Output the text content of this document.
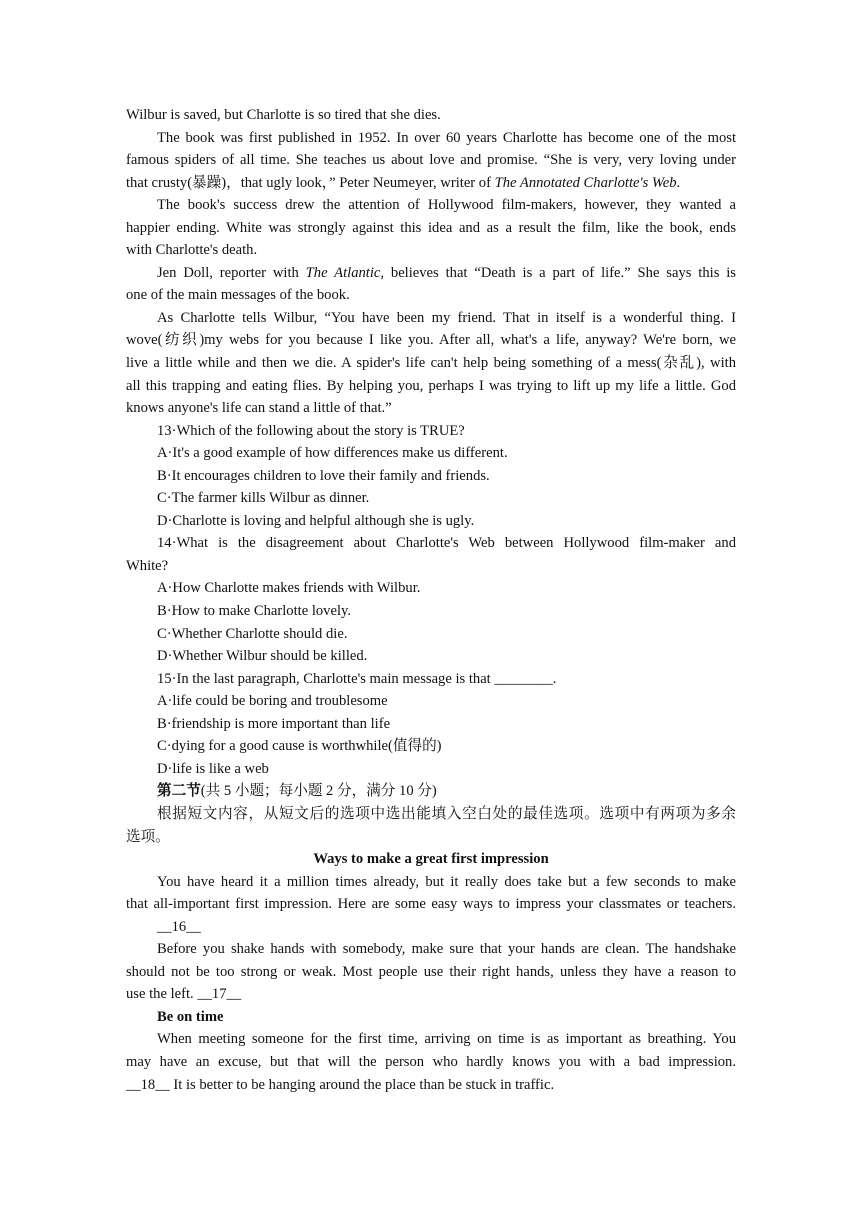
Wilbur is saved, but Charlotte is so tired that she dies.
The book was first published in 1952. In over 60 years Charlotte has become one of the most
famous spiders of all time. She teaches us about love and promise. “She is very, very loving under
that crusty(暴躁)，that ugly look，” Peter Neumeyer, writer of The Annotated Charlotte's Web.
The book's success drew the attention of Hollywood film‐makers, however, they wanted a
happier ending. White was strongly against this idea and as a result the film, like the book, ends
with Charlotte's death.
Jen Doll, reporter with The Atlantic, believes that “Death is a part of life.” She says this is
one of the main messages of the book.
As Charlotte tells Wilbur, “You have been my friend. That in itself is a wonderful thing. I
wove(纺织)my webs for you because I like you. After all, what's a life, anyway? We're born, we
live a little while and then we die. A spider's life can't help being something of a mess(杂乱), with
all this trapping and eating flies. By helping you, perhaps I was trying to lift up my life a little. God
knows anyone's life can stand a little of that.”
13·Which of the following about the story is TRUE?
A·It's a good example of how differences make us different.
B·It encourages children to love their family and friends.
C·The farmer kills Wilbur as dinner.
D·Charlotte is loving and helpful although she is ugly.
14·What is the disagreement about Charlotte's Web between Hollywood film-maker and
White?
A·How Charlotte makes friends with Wilbur.
B·How to make Charlotte lovely.
C·Whether Charlotte should die.
D·Whether Wilbur should be killed.
15·In the last paragraph, Charlotte's main message is that ________.
A·life could be boring and troublesome
B·friendship is more important than life
C·dying for a good cause is worthwhile(值得的)
D·life is like a web
第二节(共 5 小题；每小题 2 分，满分 10 分)
根据短文内容，从短文后的选项中选出能填入空白处的最佳选项。选项中有两项为多余
选项。
Ways to make a great first impression
You have heard it a million times already, but it really does take but a few seconds to make
that all-important first impression. Here are some easy ways to impress your classmates or teachers.
__16__
Before you shake hands with somebody, make sure that your hands are clean. The handshake
should not be too strong or weak. Most people use their right hands, unless they have a reason to
use the left. __17__
Be on time
When meeting someone for the first time, arriving on time is as important as breathing. You
may have an excuse, but that will the person who hardly knows you with a bad impression.
__18__ It is better to be hanging around the place than be stuck in traffic.
